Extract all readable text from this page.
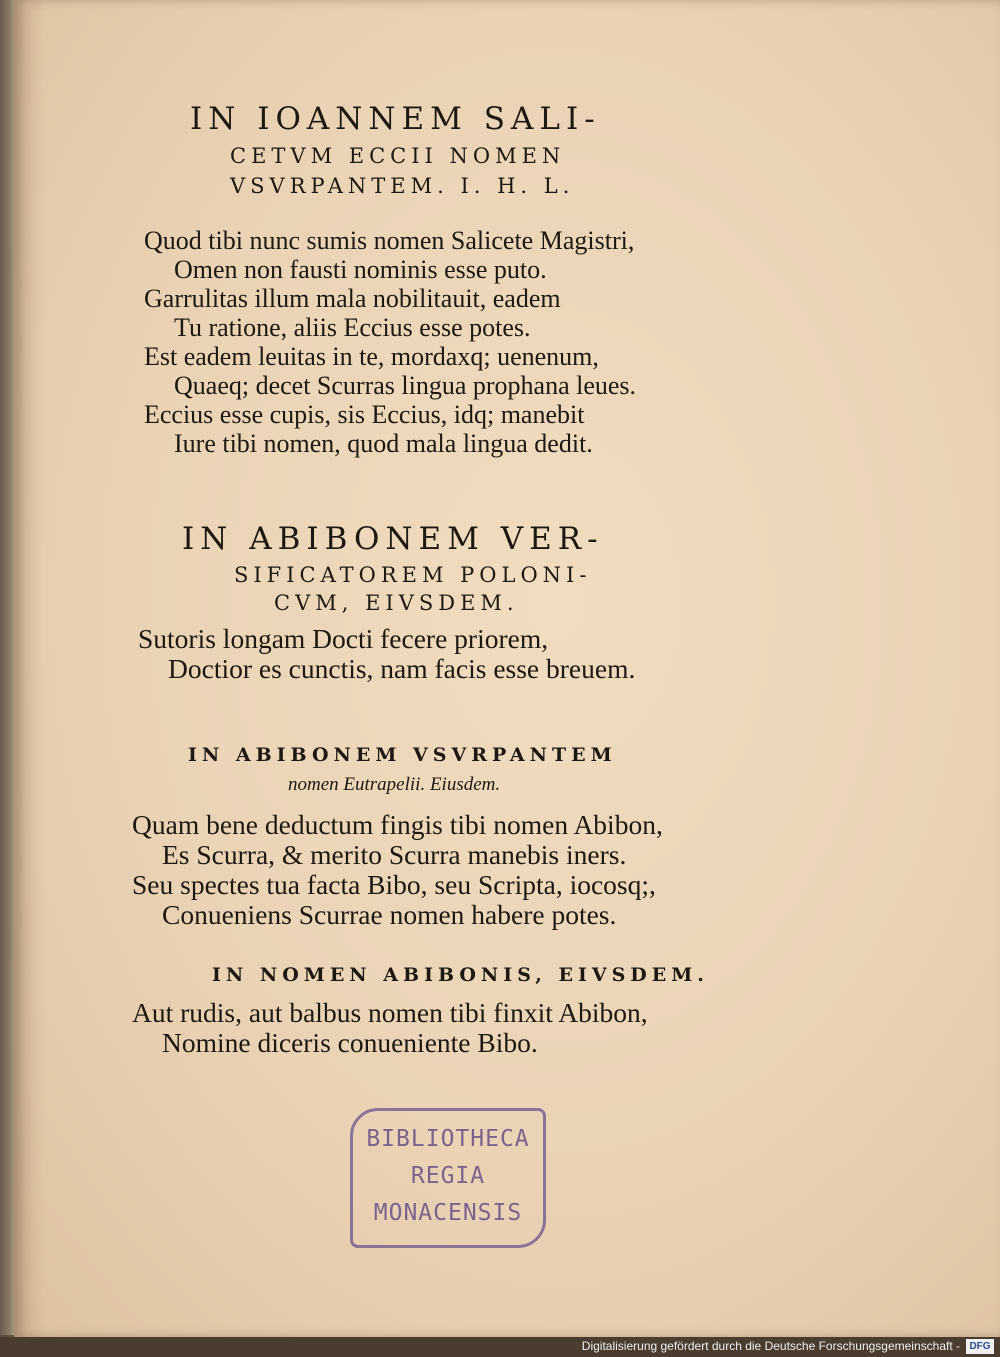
IN IOANNEM SALI-

CETVM ECCII NOMEN

VSVRPANTEM. I. H. L.

Quod tibi nunc sumis nomen Salicete Magistri,

Omen non fausti nominis esse puto.

Garrulitas illum mala nobilitauit, eadem

Tu ratione, aliis Eccius esse potes.

Est eadem leuitas in te, mordaxq; uenenum,

Quaeq; decet Scurras lingua prophana leues.

Eccius esse cupis, sis Eccius, idq; manebit

Iure tibi nomen, quod mala lingua dedit.

IN ABIBONEM VER-

SIFICATOREM POLONI-

CVM, EIVSDEM.

Sutoris longam Docti fecere priorem,

Doctior es cunctis, nam facis esse breuem.

IN ABIBONEM VSVRPANTEM

nomen Eutrapelii. Eiusdem.

Quam bene deductum fingis tibi nomen Abibon,

Es Scurra, & merito Scurra manebis iners.

Seu spectes tua facta Bibo, seu Scripta, iocosq;,

Conueniens Scurrae nomen habere potes.

IN NOMEN ABIBONIS, EIVSDEM.

Aut rudis, aut balbus nomen tibi finxit Abibon,

Nomine diceris conueniente Bibo.

BIBLIOTHECA
REGIA
MONACENSIS
Digitalisierung gefördert durch die Deutsche Forschungsgemeinschaft - DFG
